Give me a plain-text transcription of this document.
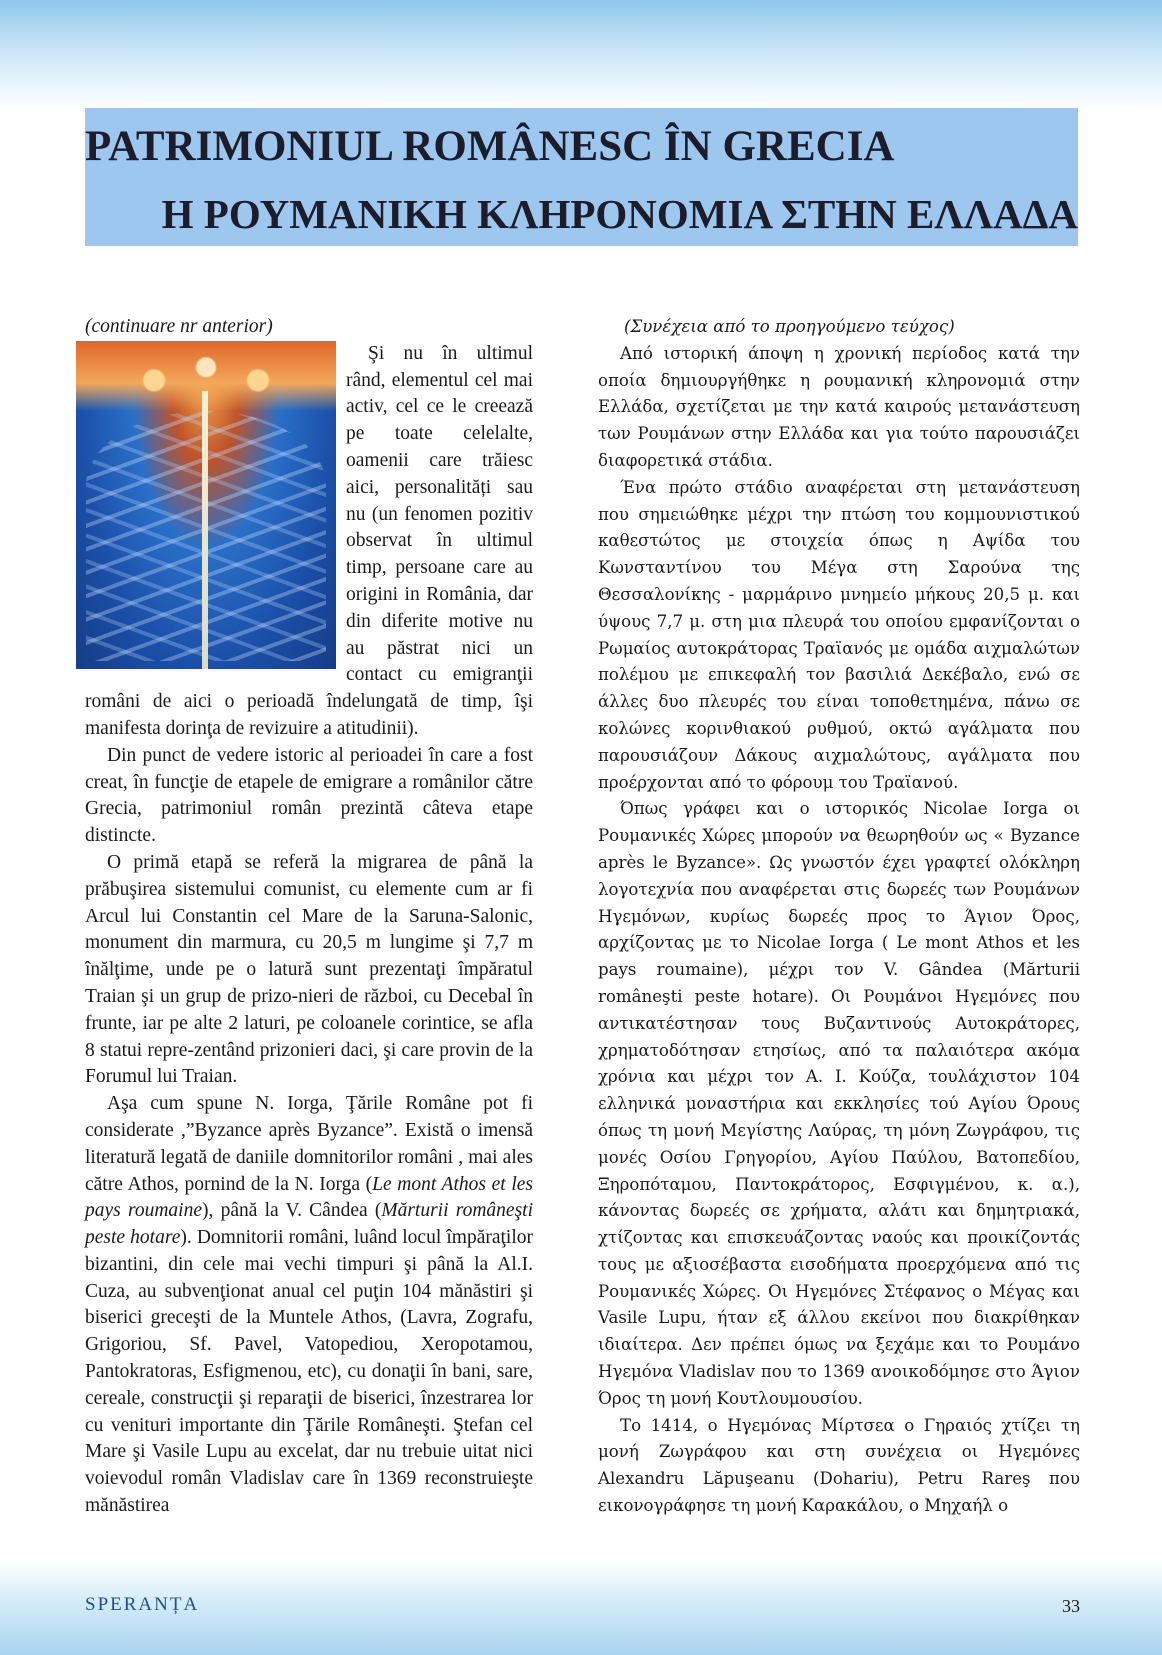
PATRIMONIUL ROMÂNESC ÎN GRECIA
Η ΡΟΥΜΑΝΙΚΗ ΚΛΗΡΟΝΟΜΙΑ ΣΤΗΝ ΕΛΛΑΔΑ

(continuare nr anterior)

Şi nu în ultimul rând, elementul cel mai activ, cel ce le creează pe toate celelalte, oamenii care trăiesc aici, personalități sau nu (un fenomen pozitiv observat în ultimul timp, persoane care au origini in România, dar din diferite motive nu au păstrat nici un contact cu emigranţii români de aici o perioadă îndelungată de timp, îşi manifesta dorinţa de revizuire a atitudinii).

Din punct de vedere istoric al perioadei în care a fost creat, în funcţie de etapele de emigrare a românilor către Grecia, patrimoniul român prezintă câteva etape distincte.

O primă etapă se referă la migrarea de până la prăbuşirea sistemului comunist, cu elemente cum ar fi Arcul lui Constantin cel Mare de la Saruna-Salonic, monument din marmura, cu 20,5 m lungime şi 7,7 m înălţime, unde pe o latură sunt prezentaţi împăratul Traian şi un grup de prizo-nieri de război, cu Decebal în frunte, iar pe alte 2 laturi, pe coloanele corintice, se afla 8 statui repre-zentând prizonieri daci, şi care provin de la Forumul lui Traian.

Aşa cum spune N. Iorga, Ţările Române pot fi considerate ,”Byzance après Byzance”. Există o imensă literatură legată de daniile domnitorilor români , mai ales către Athos, pornind de la N. Iorga (Le mont Athos et les pays roumaine), până la V. Cândea (Mărturii româneşti peste hotare). Domnitorii români, luând locul împăraţilor bizantini, din cele mai vechi timpuri şi până la Al.I. Cuza, au subvenţionat anual cel puţin 104 mănăstiri şi biserici greceşti de la Muntele Athos, (Lavra, Zografu, Grigoriou, Sf. Pavel, Vatopediou, Xeropotamou, Pantokratoras, Esfigmenou, etc), cu donaţii în bani, sare, cereale, construcţii şi reparaţii de biserici, înzestrarea lor cu venituri importante din Ţările Româneşti. Ştefan cel Mare şi Vasile Lupu au excelat, dar nu trebuie uitat nici voievodul român Vladislav care în 1369 reconstruieşte mănăstirea

(Συνέχεια από το προηγούμενο τεύχος)

Από ιστορική άποψη η χρονική περίοδος κατά την οποία δημιουργήθηκε η ρουμανική κληρονομιά στην Ελλάδα, σχετίζεται με την κατά καιρούς μετανάστευση των Ρουμάνων στην Ελλάδα και για τούτο παρουσιάζει διαφορετικά στάδια.

Ένα πρώτο στάδιο αναφέρεται στη μετανάστευση που σημειώθηκε μέχρι την πτώση του κομμουνιστικού καθεστώτος με στοιχεία όπως η Αψίδα του Κωνσταντίνου του Μέγα στη Σαρούνα της Θεσσαλονίκης - μαρμάρινο μνημείο μήκους 20,5 μ. και ύψους 7,7 μ. στη μια πλευρά του οποίου εμφανίζονται ο Ρωμαίος αυτοκράτορας Τραϊανός με ομάδα αιχμαλώτων πολέμου με επικεφαλή τον βασιλιά Δεκέβαλο, ενώ σε άλλες δυο πλευρές του είναι τοποθετημένα, πάνω σε κολώνες κορινθιακού ρυθμού, οκτώ αγάλματα που παρουσιάζουν Δάκους αιχμαλώτους, αγάλματα που προέρχονται από το φόρουμ του Τραϊανού.

Όπως γράφει και ο ιστορικός Nicolae Iorga οι Ρουμανικές Χώρες μπορούν να θεωρηθούν ως « Byzance après le Byzance». Ως γνωστόν έχει γραφτεί ολόκληρη λογοτεχνία που αναφέρεται στις δωρεές των Ρουμάνων Ηγεμόνων, κυρίως δωρεές προς το Άγιον Όρος, αρχίζοντας με το Nicolae Iorga ( Le mont Athos et les pays roumaine), μέχρι τον V. Gândea (Mărturii româneşti peste hotare). Οι Ρουμάνοι Ηγεμόνες που αντικατέστησαν τους Βυζαντινούς Αυτοκράτορες, χρηματοδότησαν ετησίως, από τα παλαιότερα ακόμα χρόνια και μέχρι τον A. I. Κούζα, τουλάχιστον 104 ελληνικά μοναστήρια και εκκλησίες τού Αγίου Όρους όπως τη μονή Μεγίστης Λαύρας, τη μόνη Ζωγράφου, τις μονές Οσίου Γρηγορίου, Αγίου Παύλου, Βατοπεδίου, Ξηροπόταμου, Παντοκράτορος, Εσφιγμένου, κ. α.), κάνοντας δωρεές σε χρήματα, αλάτι και δημητριακά, χτίζοντας και επισκευάζοντας ναούς και προικίζοντάς τους με αξιοσέβαστα εισοδήματα προερχόμενα από τις Ρουμανικές Χώρες. Οι Ηγεμόνες Στέφανος ο Μέγας και Vasile Lupu, ήταν εξ άλλου εκείνοι που διακρίθηκαν ιδιαίτερα. Δεν πρέπει όμως να ξεχάμε και το Ρουμάνο Ηγεμόνα Vladislav που το 1369 ανοικοδόμησε στο Άγιον Όρος τη μονή Κουτλουμουσίου.

Το 1414, ο Ηγεμόνας Μίρτσεα ο Γηραιός χτίζει τη μονή Ζωγράφου και στη συνέχεια οι Ηγεμόνες Alexandru Lăpuşeanu (Dohariu), Petru Rareş που εικονογράφησε τη μονή Καρακάλου, ο Μηχαήλ ο

SPERANȚA	33
